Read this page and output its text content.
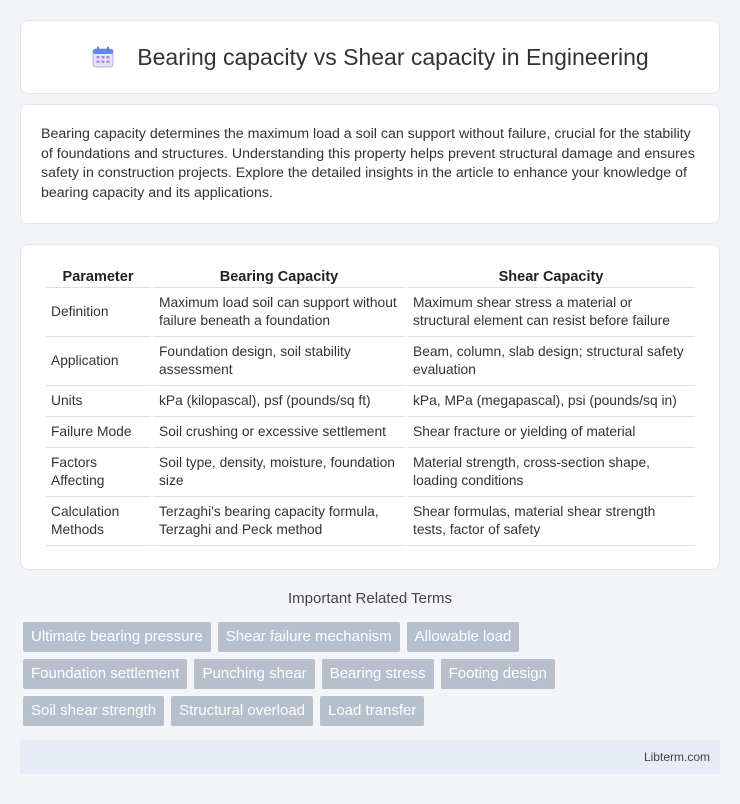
Bearing capacity vs Shear capacity in Engineering

Bearing capacity determines the maximum load a soil can support without failure, crucial for the stability of foundations and structures. Understanding this property helps prevent structural damage and ensures safety in construction projects. Explore the detailed insights in the article to enhance your knowledge of bearing capacity and its applications.

Parameter	Bearing Capacity	Shear Capacity
Definition	Maximum load soil can support without failure beneath a foundation	Maximum shear stress a material or structural element can resist before failure
Application	Foundation design, soil stability assessment	Beam, column, slab design; structural safety evaluation
Units	kPa (kilopascal), psf (pounds/sq ft)	kPa, MPa (megapascal), psi (pounds/sq in)
Failure Mode	Soil crushing or excessive settlement	Shear fracture or yielding of material
Factors Affecting	Soil type, density, moisture, foundation size	Material strength, cross-section shape, loading conditions
Calculation Methods	Terzaghi's bearing capacity formula, Terzaghi and Peck method	Shear formulas, material shear strength tests, factor of safety
Important Related Terms
Ultimate bearing pressure	Shear failure mechanism	Allowable load
Foundation settlement	Punching shear	Bearing stress	Footing design
Soil shear strength	Structural overload	Load transfer
Libterm.com
